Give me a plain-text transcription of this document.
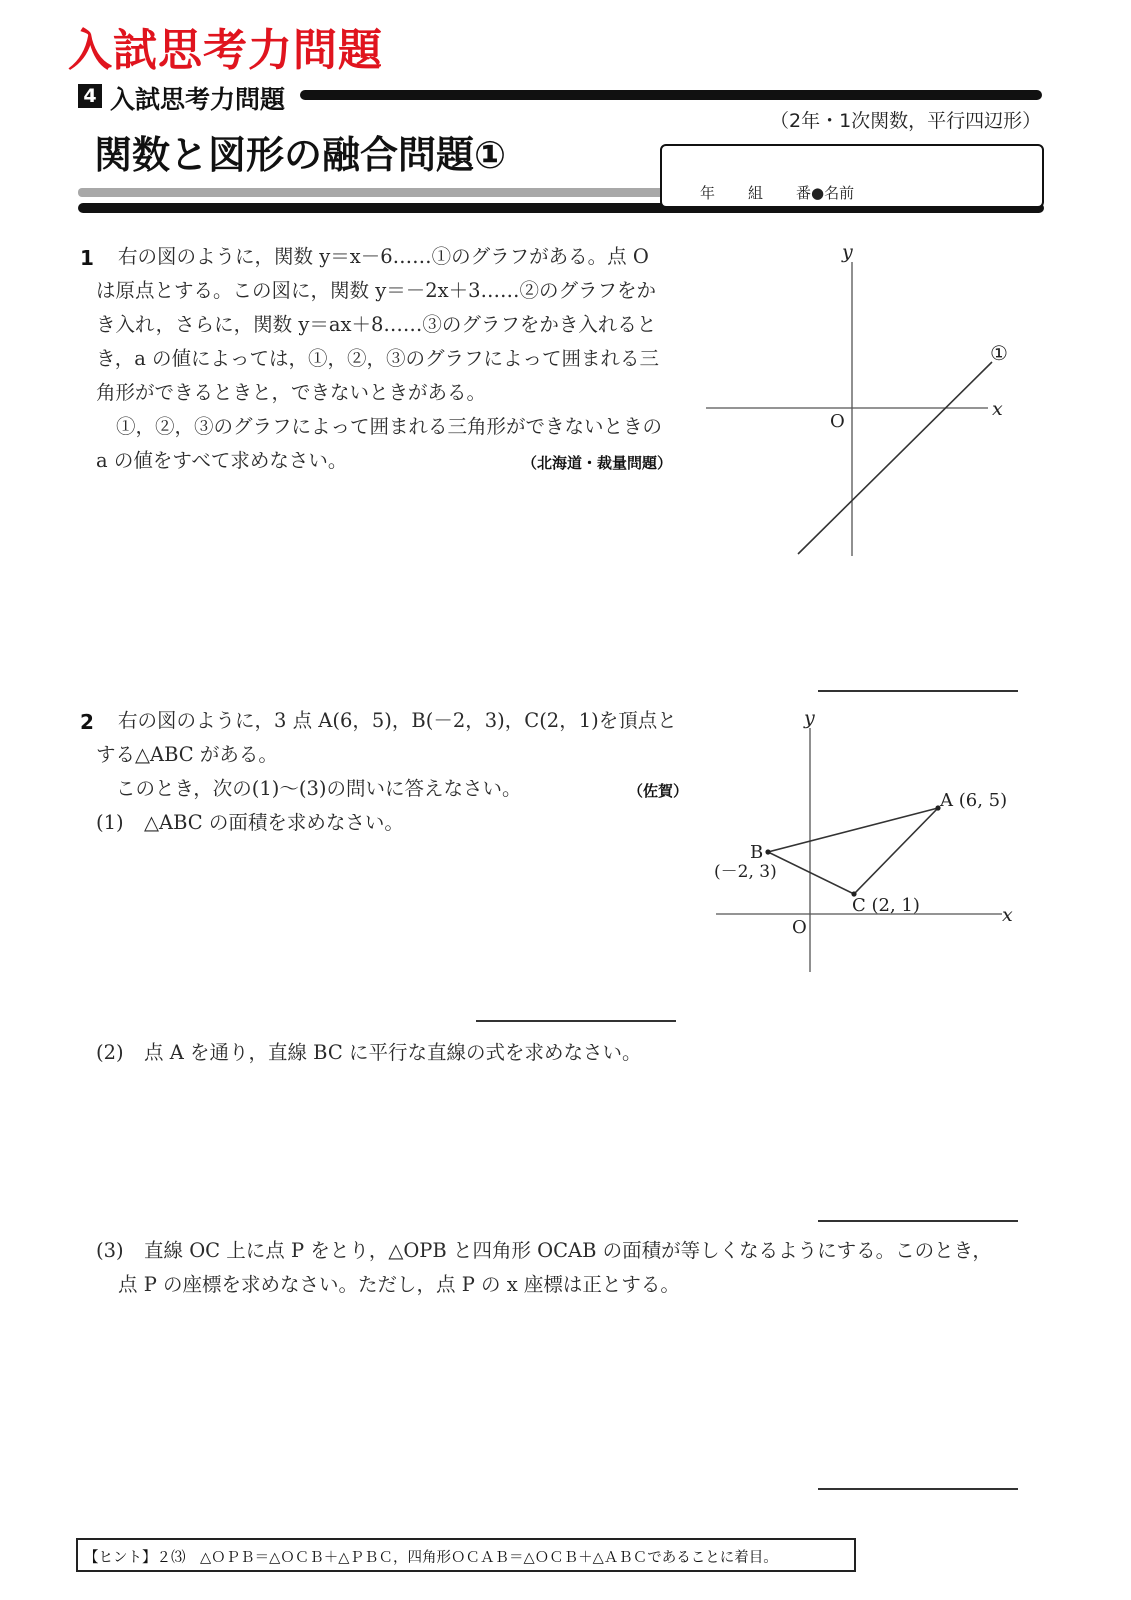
入試思考力問題
4 入試思考力問題
（2年・1次関数，平行四辺形）
関数と図形の融合問題①
年 組 番●名前
1 右の図のように，関数 y＝x－6……①のグラフがある。点 O
は原点とする。この図に，関数 y＝－2x＋3……②のグラフをか
き入れ，さらに，関数 y＝ax＋8……③のグラフをかき入れると
き，a の値によっては，①，②，③のグラフによって囲まれる三
角形ができるときと，できないときがある。
①，②，③のグラフによって囲まれる三角形ができないときの
a の値をすべて求めなさい。	（北海道・裁量問題）
y
x
O
①
2 右の図のように，3 点 A(6，5)，B(－2，3)，C(2，1)を頂点と
する△ABC がある。
このとき，次の(1)～(3)の問いに答えなさい。	（佐賀）
(1) △ABC の面積を求めなさい。
y
x
O
A (6, 5)
B
(－2, 3)
C (2, 1)
(2) 点 A を通り，直線 BC に平行な直線の式を求めなさい。
(3) 直線 OC 上に点 P をとり，△OPB と四角形 OCAB の面積が等しくなるようにする。このとき，
点 P の座標を求めなさい。ただし，点 P の x 座標は正とする。
【ヒント】２⑶　△ＯＰＢ＝△ＯＣＢ＋△ＰＢＣ，四角形ＯＣＡＢ＝△ＯＣＢ＋△ＡＢＣであることに着目。
